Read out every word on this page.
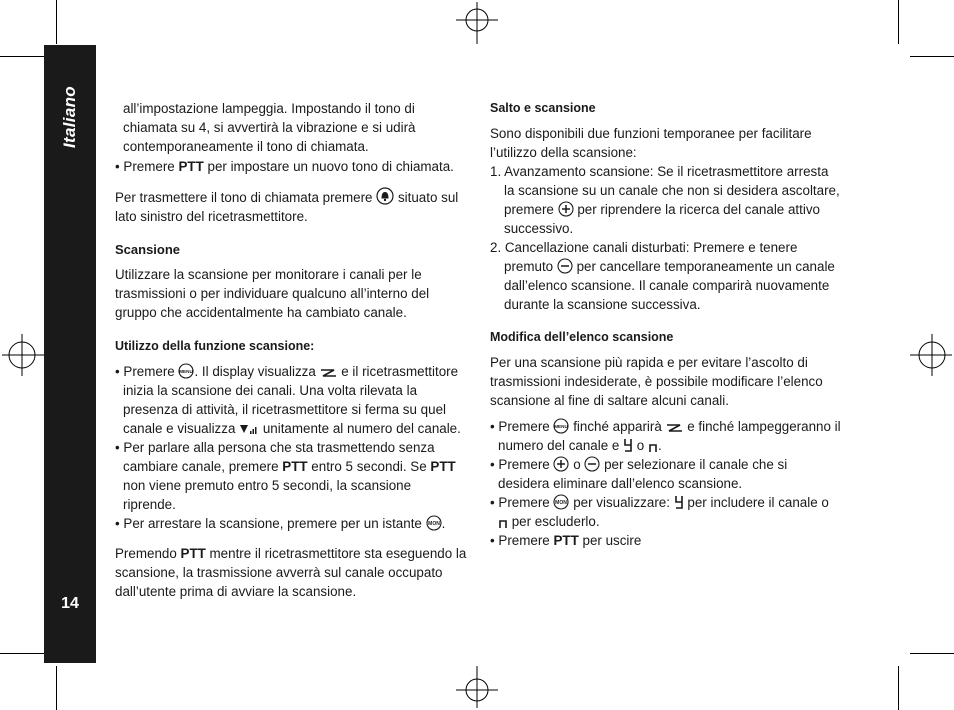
Italiano
14

all’impostazione lampeggia. Impostando il tono di chiamata su 4, si avvertirà la vibrazione e si udirà contemporaneamente il tono di chiamata.

• Premere PTT per impostare un nuovo tono di chiamata.

Per trasmettere il tono di chiamata premere  situato sul lato sinistro del ricetrasmettitore.

Scansione

Utilizzare la scansione per monitorare i canali per le trasmissioni o per individuare qualcuno all’interno del gruppo che accidentalmente ha cambiato canale.

Utilizzo della funzione scansione:

• Premere MENU . Il display visualizza  e il ricetrasmettitore inizia la scansione dei canali. Una volta rilevata la presenza di attività, il ricetrasmettitore si ferma su quel canale e visualizza  unitamente al numero del canale.

• Per parlare alla persona che sta trasmettendo senza cambiare canale, premere PTT entro 5 secondi. Se PTT non viene premuto entro 5 secondi, la scansione riprende.

• Per arrestare la scansione, premere per un istante MON .

Premendo PTT mentre il ricetrasmettitore sta eseguendo la scansione, la trasmissione avverrà sul canale occupato dall’utente prima di avviare la scansione.

Salto e scansione

Sono disponibili due funzioni temporanee per facilitare l’utilizzo della scansione:

1. Avanzamento scansione: Se il ricetrasmettitore arresta la scansione su un canale che non si desidera ascoltare, premere  per riprendere la ricerca del canale attivo successivo.

2. Cancellazione canali disturbati: Premere e tenere premuto  per cancellare temporaneamente un canale dall’elenco scansione. Il canale comparirà nuovamente durante la scansione successiva.

Modifica dell’elenco scansione

Per una scansione più rapida e per evitare l’ascolto di trasmissioni indesiderate, è possibile modificare l’elenco scansione al fine di saltare alcuni canali.

• Premere MENU finché apparirà  e finché lampeggeranno il numero del canale e  o .

• Premere  o  per selezionare il canale che si desidera eliminare dall’elenco scansione.

• Premere MON per visualizzare:  per includere il canale o  per escluderlo.

• Premere PTT per uscire
